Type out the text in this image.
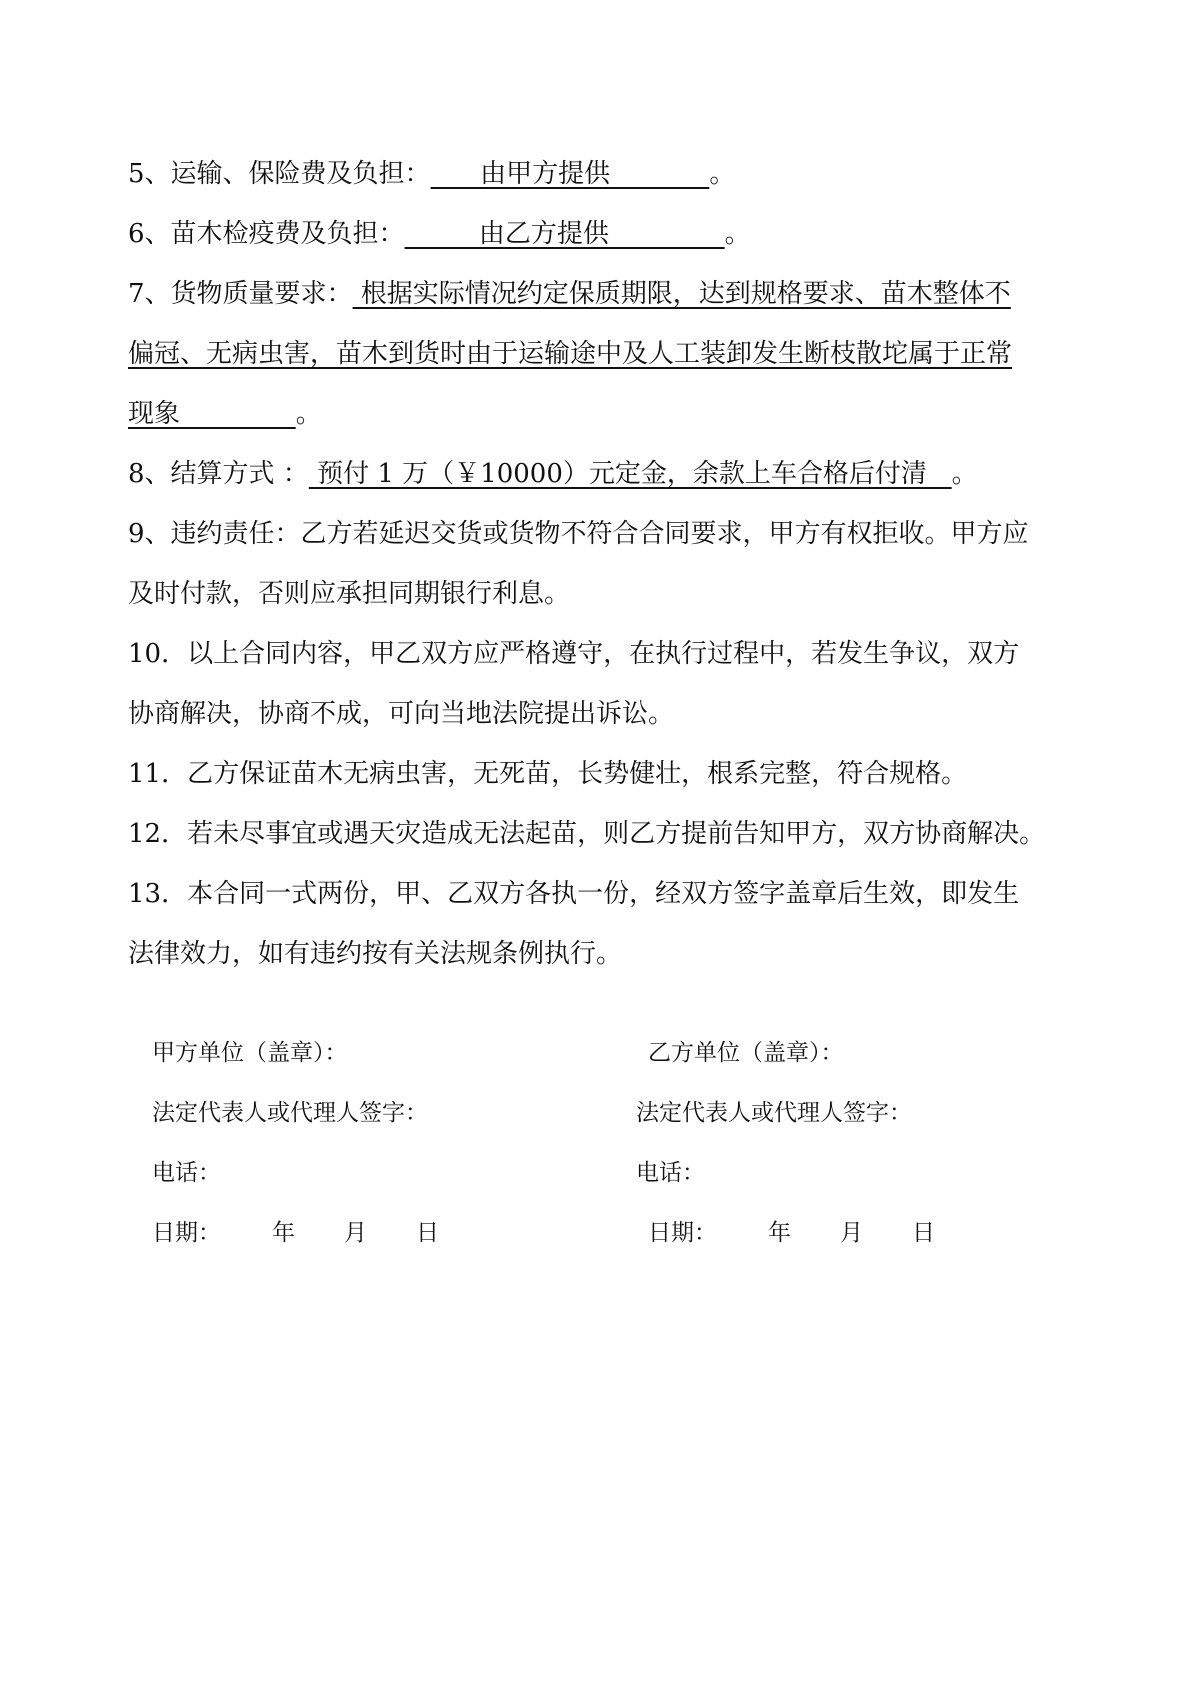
5、运输、保险费及负担：      由甲方提供            。
6、苗木检疫费及负担：         由乙方提供              。
7、货物质量要求： 根据实际情况约定保质期限，达到规格要求、苗木整体不
偏冠、无病虫害，苗木到货时由于运输途中及人工装卸发生断枝散坨属于正常
现象              。
8、结算方式 ： 预付 1 万（￥10000）元定金，余款上车合格后付清   。
9、违约责任：乙方若延迟交货或货物不符合合同要求，甲方有权拒收。甲方应
及时付款，否则应承担同期银行利息。
10．以上合同内容，甲乙双方应严格遵守，在执行过程中，若发生争议，双方
协商解决，协商不成，可向当地法院提出诉讼。
11．乙方保证苗木无病虫害，无死苗，长势健壮，根系完整，符合规格。
12．若未尽事宜或遇天灾造成无法起苗，则乙方提前告知甲方，双方协商解决。
13．本合同一式两份，甲、乙双方各执一份，经双方签字盖章后生效，即发生
法律效力，如有违约按有关法规条例执行。
甲方单位（盖章）：
法定代表人或代理人签字：
电话：
日期： 年 月 日
乙方单位（盖章）：
法定代表人或代理人签字：
电话：
日期： 年 月 日
